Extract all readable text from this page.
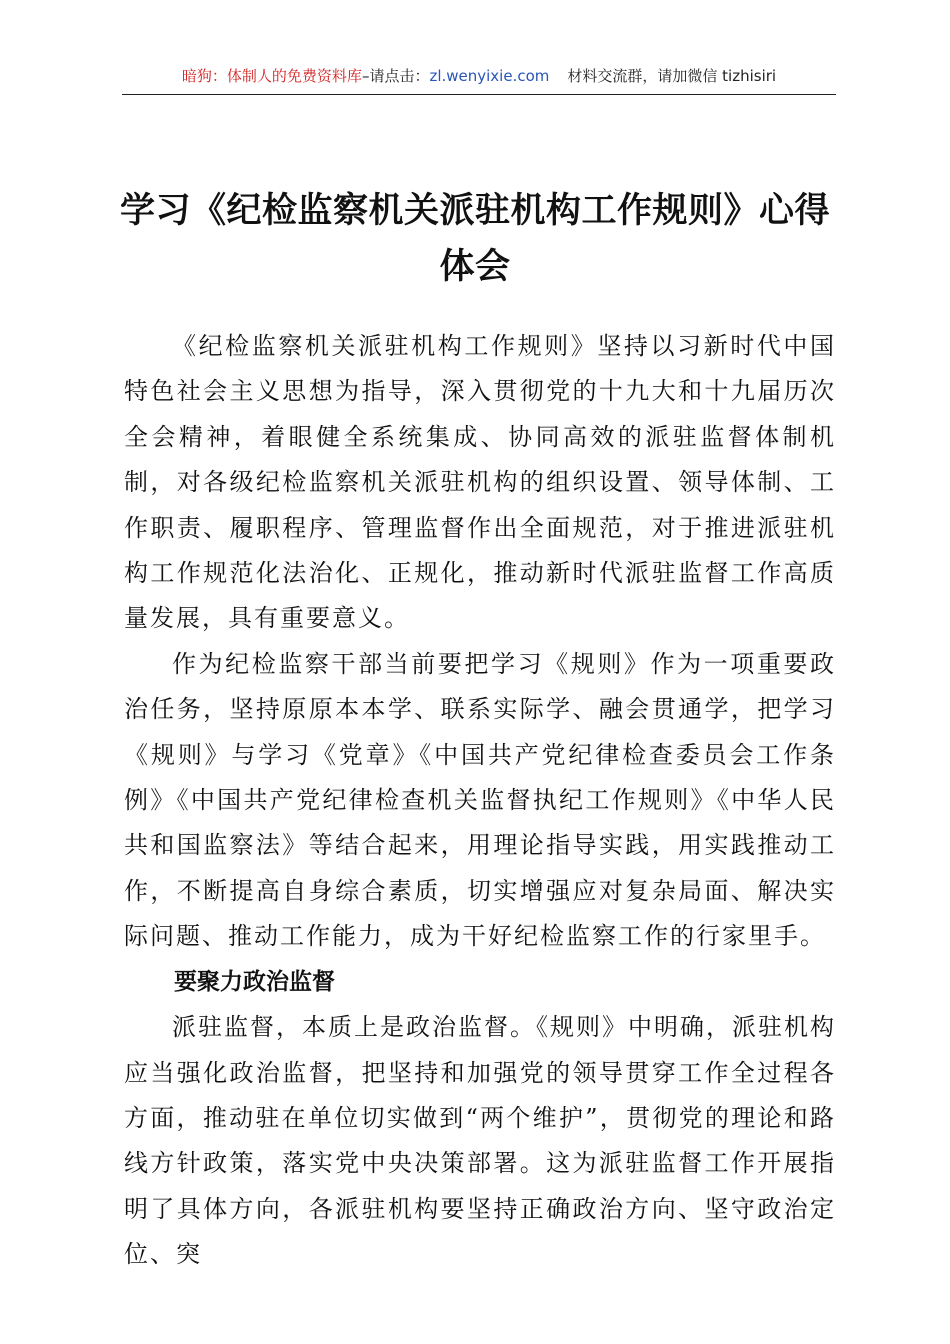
暗狗：体制人的免费资料库–请点击：zl.wenyixie.com 材料交流群，请加微信 tizhisiri
学习《纪检监察机关派驻机构工作规则》心得体会

《纪检监察机关派驻机构工作规则》坚持以习新时代中国特色社会主义思想为指导，深入贯彻党的十九大和十九届历次全会精神，着眼健全系统集成、协同高效的派驻监督体制机制，对各级纪检监察机关派驻机构的组织设置、领导体制、工作职责、履职程序、管理监督作出全面规范，对于推进派驻机构工作规范化法治化、正规化，推动新时代派驻监督工作高质量发展，具有重要意义。

作为纪检监察干部当前要把学习《规则》作为一项重要政治任务，坚持原原本本学、联系实际学、融会贯通学，把学习《规则》与学习《党章》《中国共产党纪律检查委员会工作条例》《中国共产党纪律检查机关监督执纪工作规则》《中华人民共和国监察法》等结合起来，用理论指导实践，用实践推动工作，不断提高自身综合素质，切实增强应对复杂局面、解决实际问题、推动工作能力，成为干好纪检监察工作的行家里手。

要聚力政治监督

派驻监督，本质上是政治监督。《规则》中明确，派驻机构应当强化政治监督，把坚持和加强党的领导贯穿工作全过程各方面，推动驻在单位切实做到“两个维护”，贯彻党的理论和路线方针政策，落实党中央决策部署。这为派驻监督工作开展指明了具体方向，各派驻机构要坚持正确政治方向、坚守政治定位、突
